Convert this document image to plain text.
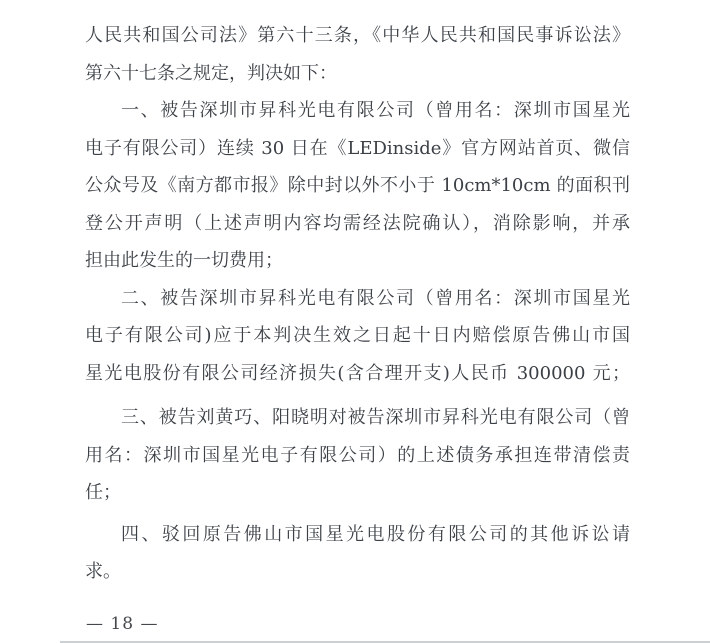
人民共和国公司法》第六十三条，《中华人民共和国民事诉讼法》
第六十七条之规定，判决如下：
一、被告深圳市昇科光电有限公司（曾用名：深圳市国星光
电子有限公司）连续 30 日在《LEDinside》官方网站首页、微信
公众号及《南方都市报》除中封以外不小于 10cm*10cm 的面积刊
登公开声明（上述声明内容均需经法院确认），消除影响，并承
担由此发生的一切费用；
二、被告深圳市昇科光电有限公司（曾用名：深圳市国星光
电子有限公司)应于本判决生效之日起十日内赔偿原告佛山市国
星光电股份有限公司经济损失(含合理开支)人民币 300000 元；
三、被告刘黄巧、阳晓明对被告深圳市昇科光电有限公司（曾
用名：深圳市国星光电子有限公司）的上述债务承担连带清偿责
任；
四、驳回原告佛山市国星光电股份有限公司的其他诉讼请
求。
— 18 —
